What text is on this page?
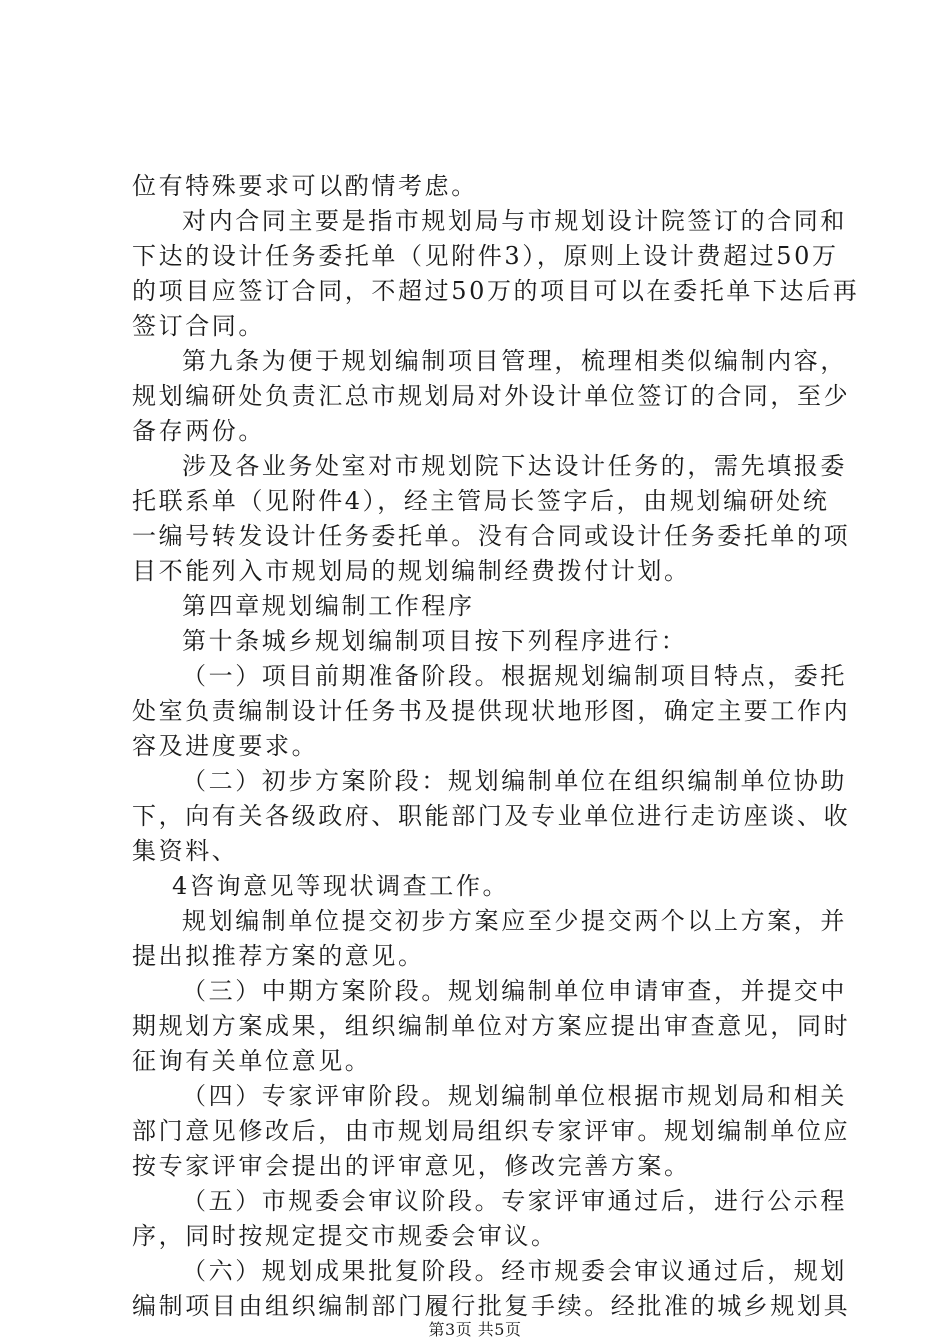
位有特殊要求可以酌情考虑。
对内合同主要是指市规划局与市规划设计院签订的合同和
下达的设计任务委托单（见附件3），原则上设计费超过50万
的项目应签订合同，不超过50万的项目可以在委托单下达后再
签订合同。
第九条为便于规划编制项目管理，梳理相类似编制内容，
规划编研处负责汇总市规划局对外设计单位签订的合同，至少
备存两份。
涉及各业务处室对市规划院下达设计任务的，需先填报委
托联系单（见附件4），经主管局长签字后，由规划编研处统
一编号转发设计任务委托单。没有合同或设计任务委托单的项
目不能列入市规划局的规划编制经费拨付计划。
第四章规划编制工作程序
第十条城乡规划编制项目按下列程序进行：
（一）项目前期准备阶段。根据规划编制项目特点，委托
处室负责编制设计任务书及提供现状地形图，确定主要工作内
容及进度要求。
（二）初步方案阶段：规划编制单位在组织编制单位协助
下，向有关各级政府、职能部门及专业单位进行走访座谈、收
集资料、
4咨询意见等现状调查工作。
规划编制单位提交初步方案应至少提交两个以上方案，并
提出拟推荐方案的意见。
（三）中期方案阶段。规划编制单位申请审查，并提交中
期规划方案成果，组织编制单位对方案应提出审查意见，同时
征询有关单位意见。
（四）专家评审阶段。规划编制单位根据市规划局和相关
部门意见修改后，由市规划局组织专家评审。规划编制单位应
按专家评审会提出的评审意见，修改完善方案。
（五）市规委会审议阶段。专家评审通过后，进行公示程
序，同时按规定提交市规委会审议。
（六）规划成果批复阶段。经市规委会审议通过后，规划
编制项目由组织编制部门履行批复手续。经批准的城乡规划具
第3页 共5页
